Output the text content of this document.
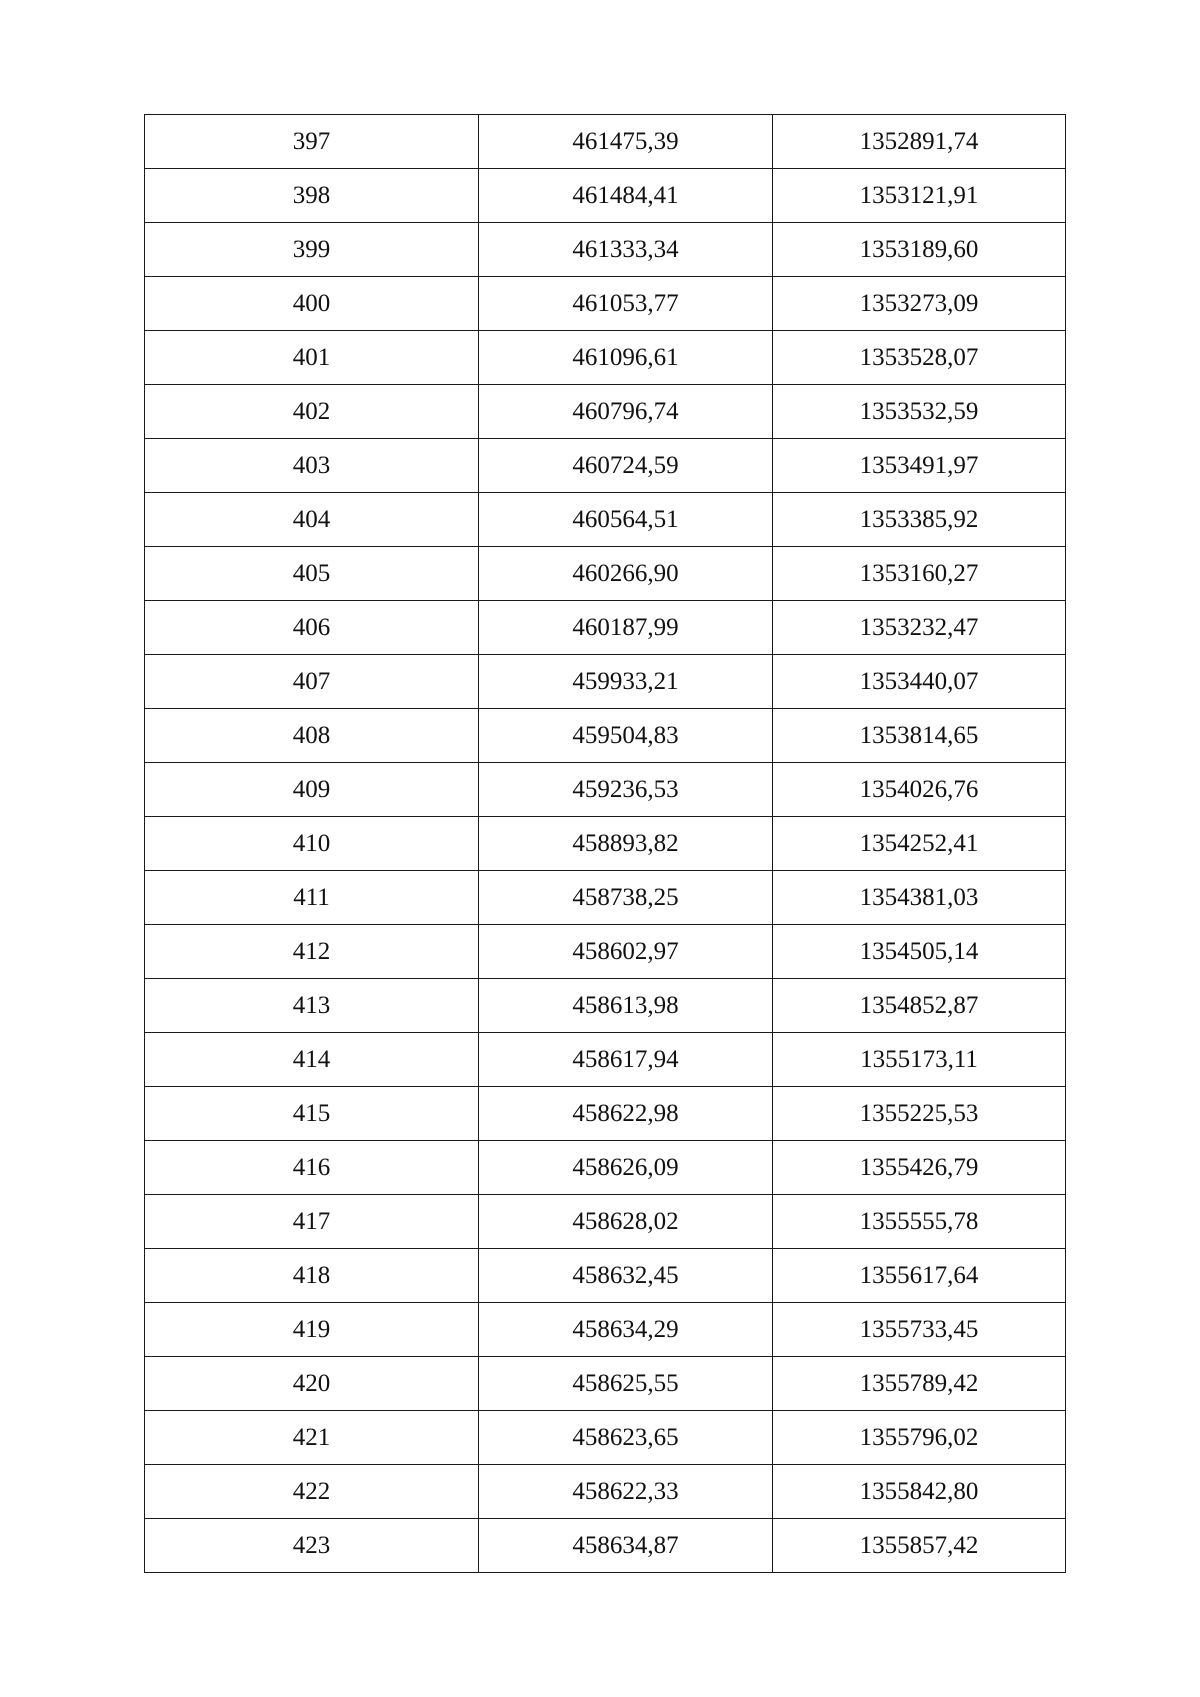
397	461475,39	1352891,74
398	461484,41	1353121,91
399	461333,34	1353189,60
400	461053,77	1353273,09
401	461096,61	1353528,07
402	460796,74	1353532,59
403	460724,59	1353491,97
404	460564,51	1353385,92
405	460266,90	1353160,27
406	460187,99	1353232,47
407	459933,21	1353440,07
408	459504,83	1353814,65
409	459236,53	1354026,76
410	458893,82	1354252,41
411	458738,25	1354381,03
412	458602,97	1354505,14
413	458613,98	1354852,87
414	458617,94	1355173,11
415	458622,98	1355225,53
416	458626,09	1355426,79
417	458628,02	1355555,78
418	458632,45	1355617,64
419	458634,29	1355733,45
420	458625,55	1355789,42
421	458623,65	1355796,02
422	458622,33	1355842,80
423	458634,87	1355857,42
